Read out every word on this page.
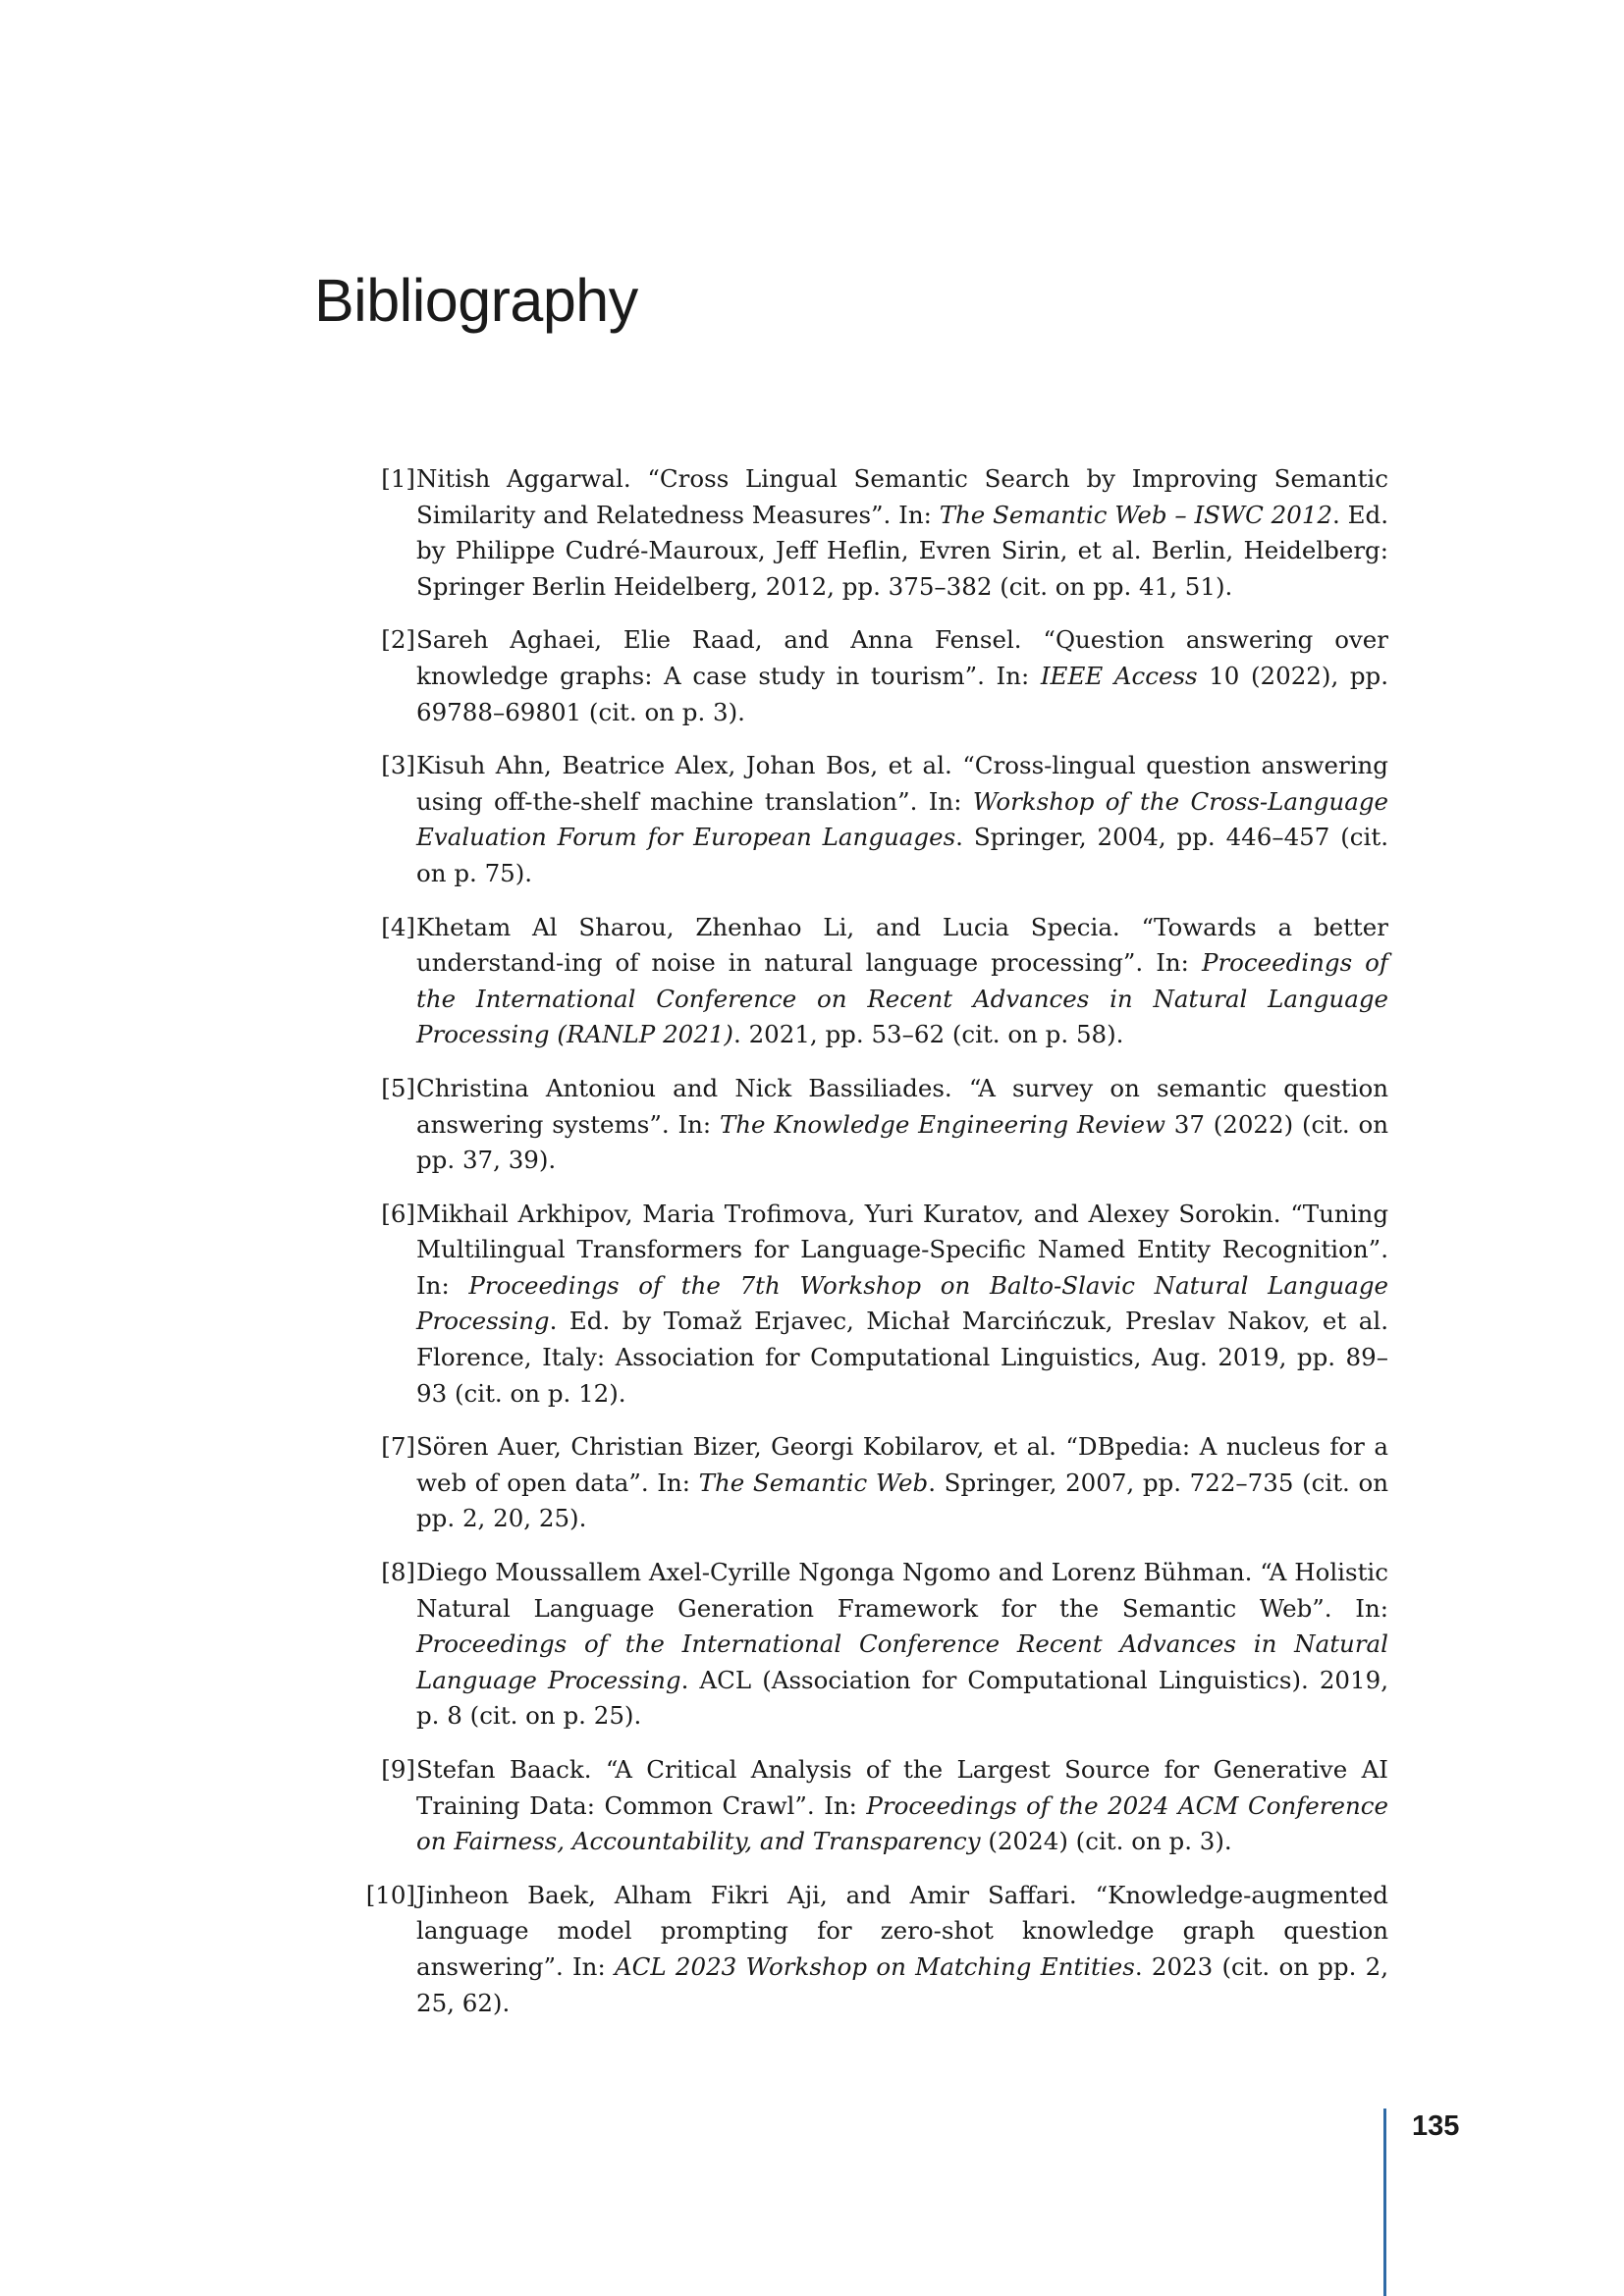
Bibliography
[1] Nitish Aggarwal. “Cross Lingual Semantic Search by Improving Semantic Similarity and Relatedness Measures”. In: The Semantic Web – ISWC 2012. Ed. by Philippe Cudré-Mauroux, Jeff Heflin, Evren Sirin, et al. Berlin, Heidelberg: Springer Berlin Heidelberg, 2012, pp. 375–382 (cit. on pp. 41, 51).
[2] Sareh Aghaei, Elie Raad, and Anna Fensel. “Question answering over knowledge graphs: A case study in tourism”. In: IEEE Access 10 (2022), pp. 69788–69801 (cit. on p. 3).
[3] Kisuh Ahn, Beatrice Alex, Johan Bos, et al. “Cross-lingual question answering using off-the-shelf machine translation”. In: Workshop of the Cross-Language Evaluation Forum for European Languages. Springer, 2004, pp. 446–457 (cit. on p. 75).
[4] Khetam Al Sharou, Zhenhao Li, and Lucia Specia. “Towards a better understand-ing of noise in natural language processing”. In: Proceedings of the International Conference on Recent Advances in Natural Language Processing (RANLP 2021). 2021, pp. 53–62 (cit. on p. 58).
[5] Christina Antoniou and Nick Bassiliades. “A survey on semantic question answering systems”. In: The Knowledge Engineering Review 37 (2022) (cit. on pp. 37, 39).
[6] Mikhail Arkhipov, Maria Trofimova, Yuri Kuratov, and Alexey Sorokin. “Tuning Multilingual Transformers for Language-Specific Named Entity Recognition”. In: Proceedings of the 7th Workshop on Balto-Slavic Natural Language Processing. Ed. by Tomaž Erjavec, Michał Marcińczuk, Preslav Nakov, et al. Florence, Italy: Association for Computational Linguistics, Aug. 2019, pp. 89–93 (cit. on p. 12).
[7] Sören Auer, Christian Bizer, Georgi Kobilarov, et al. “DBpedia: A nucleus for a web of open data”. In: The Semantic Web. Springer, 2007, pp. 722–735 (cit. on pp. 2, 20, 25).
[8] Diego Moussallem Axel-Cyrille Ngonga Ngomo and Lorenz Bühman. “A Holistic Natural Language Generation Framework for the Semantic Web”. In: Proceedings of the International Conference Recent Advances in Natural Language Processing. ACL (Association for Computational Linguistics). 2019, p. 8 (cit. on p. 25).
[9] Stefan Baack. “A Critical Analysis of the Largest Source for Generative AI Training Data: Common Crawl”. In: Proceedings of the 2024 ACM Conference on Fairness, Accountability, and Transparency (2024) (cit. on p. 3).
[10] Jinheon Baek, Alham Fikri Aji, and Amir Saffari. “Knowledge-augmented language model prompting for zero-shot knowledge graph question answering”. In: ACL 2023 Workshop on Matching Entities. 2023 (cit. on pp. 2, 25, 62).

135
